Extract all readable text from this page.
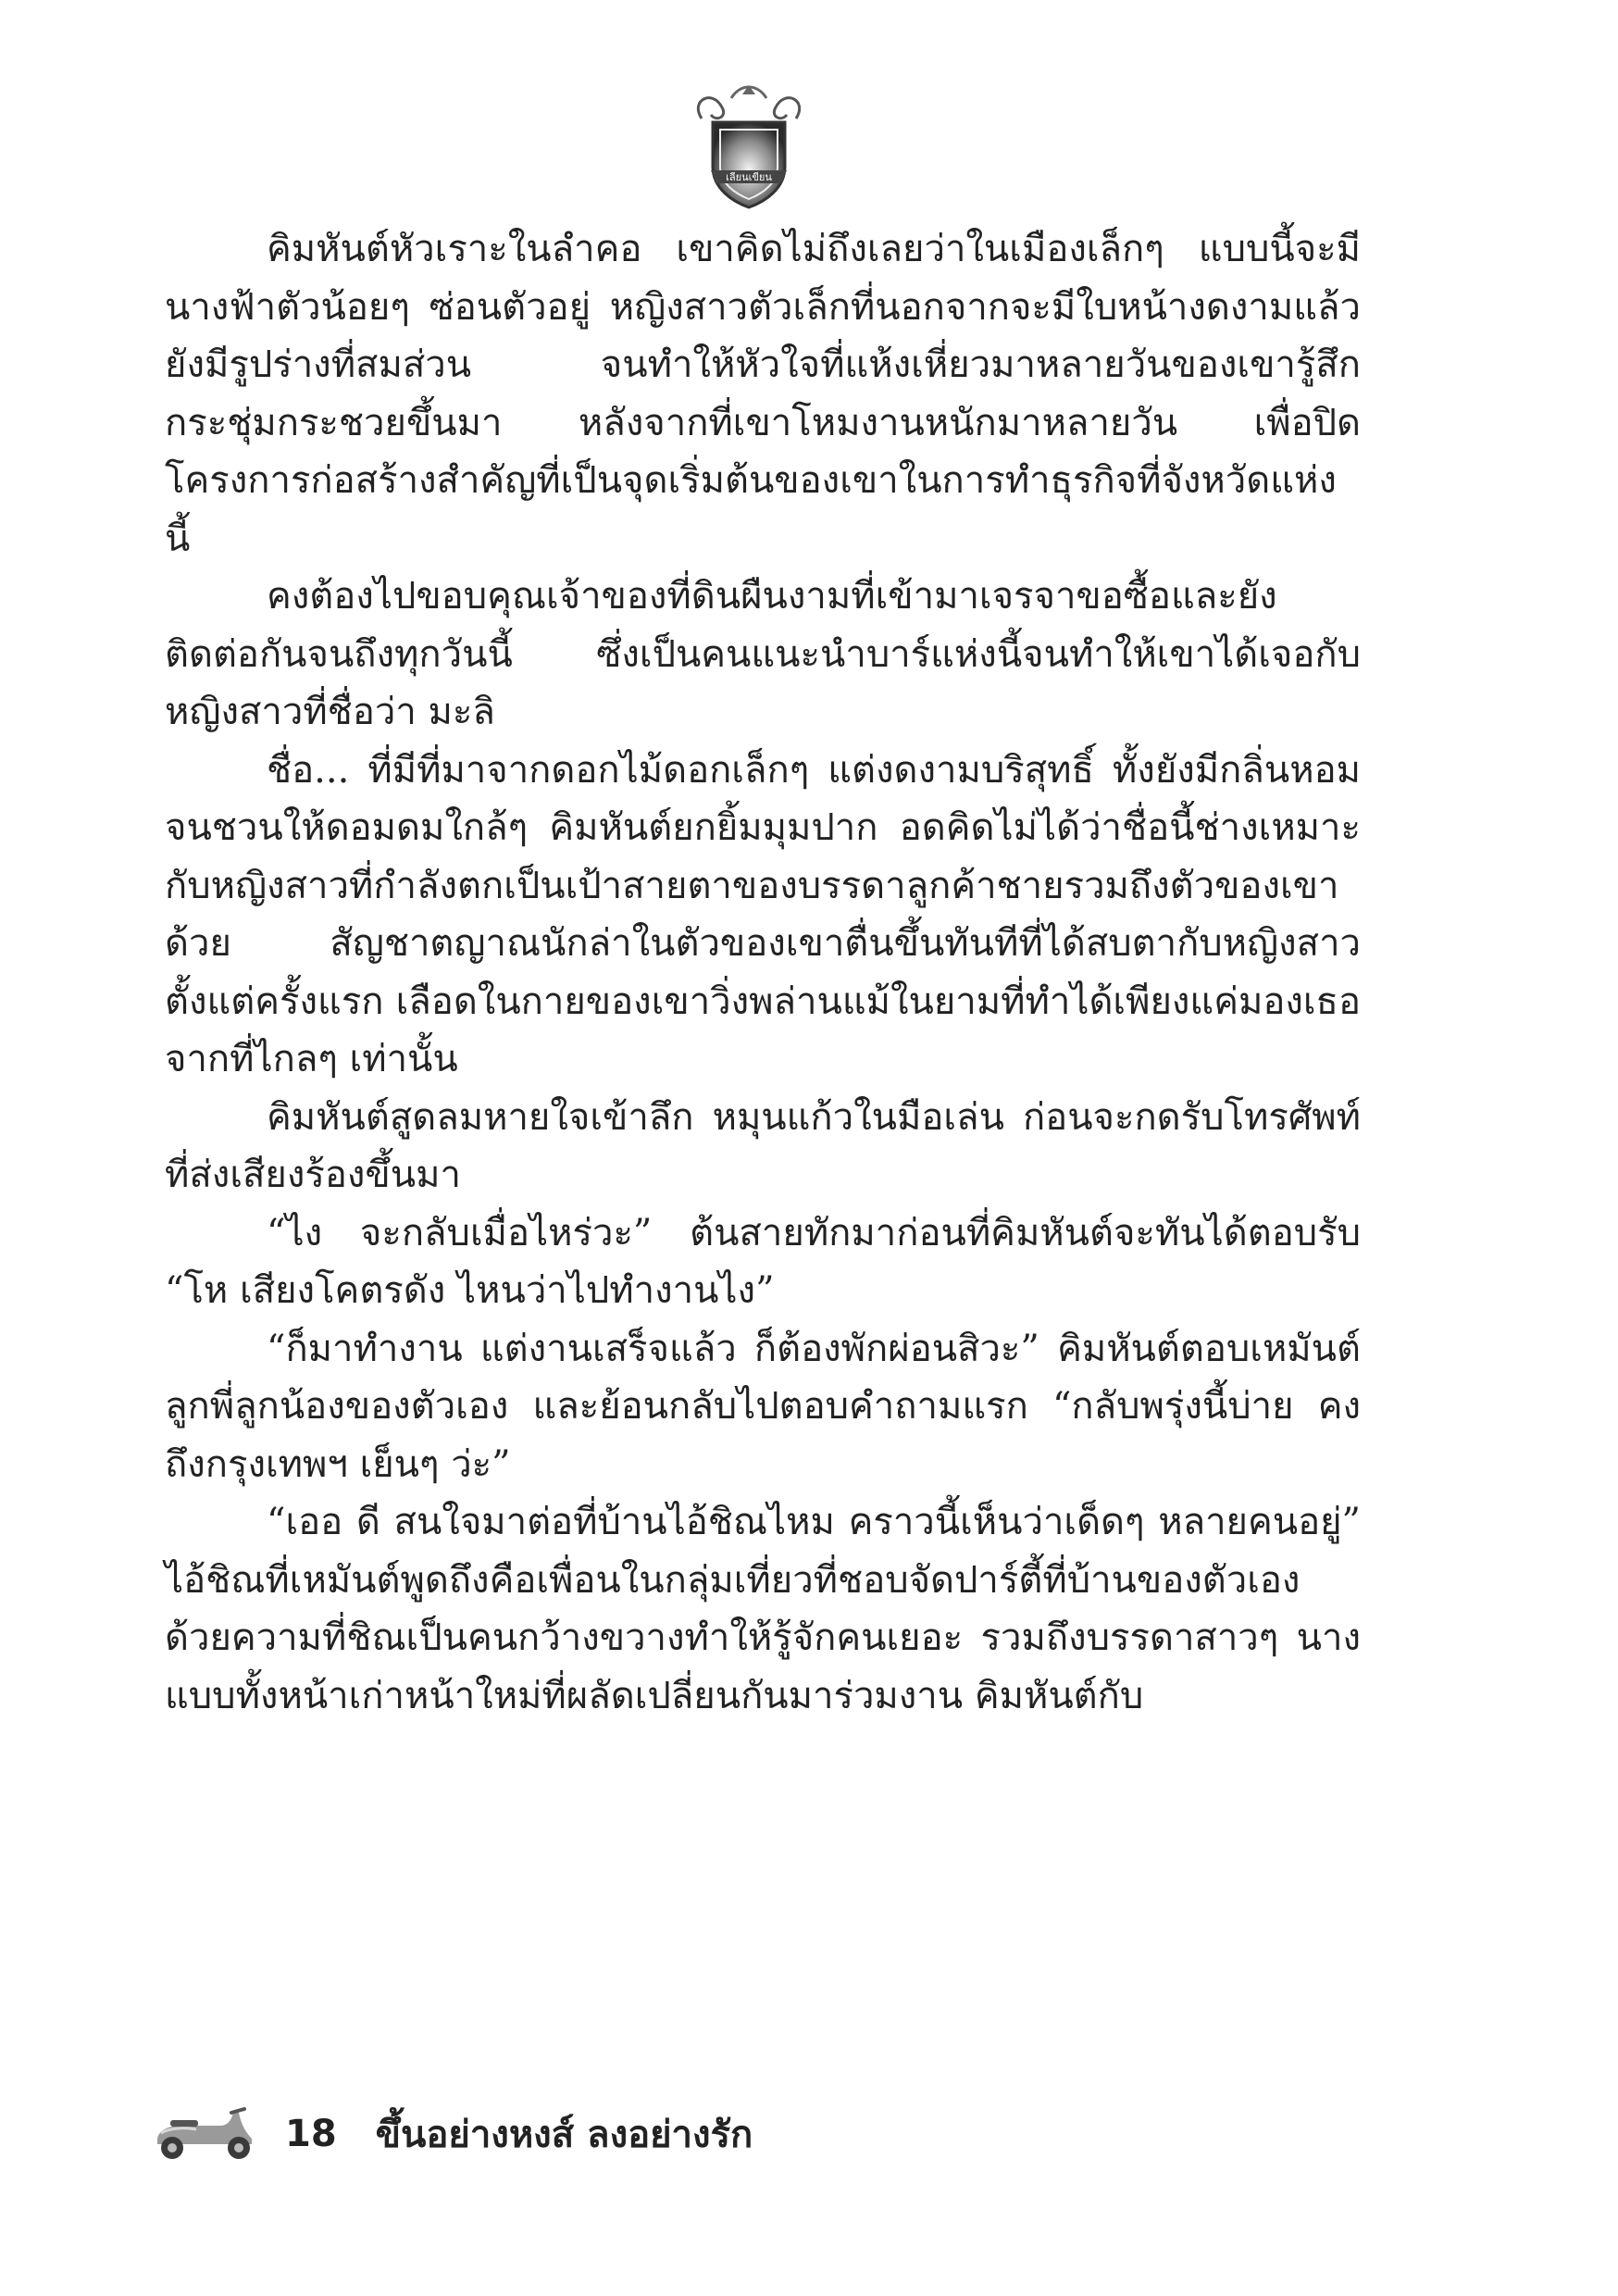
เลียนเขียน

คิมหันต์หัวเราะในลำคอ เขาคิดไม่ถึงเลยว่าในเมืองเล็กๆ แบบนี้จะมีนางฟ้าตัวน้อยๆ ซ่อนตัวอยู่ หญิงสาวตัวเล็กที่นอกจากจะมีใบหน้างดงามแล้วยังมีรูปร่างที่สมส่วน จนทำให้หัวใจที่แห้งเหี่ยวมาหลายวันของเขารู้สึกกระชุ่มกระชวยขึ้นมา หลังจากที่เขาโหมงานหนักมาหลายวัน เพื่อปิดโครงการก่อสร้างสำคัญที่เป็นจุดเริ่มต้นของเขาในการทำธุรกิจที่จังหวัดแห่งนี้

คงต้องไปขอบคุณเจ้าของที่ดินผืนงามที่เข้ามาเจรจาขอซื้อและยังติดต่อกันจนถึงทุกวันนี้ ซึ่งเป็นคนแนะนำบาร์แห่งนี้จนทำให้เขาได้เจอกับหญิงสาวที่ชื่อว่า มะลิ

ชื่อ... ที่มีที่มาจากดอกไม้ดอกเล็กๆ แต่งดงามบริสุทธิ์ ทั้งยังมีกลิ่นหอมจนชวนให้ดอมดมใกล้ๆ คิมหันต์ยกยิ้มมุมปาก อดคิดไม่ได้ว่าชื่อนี้ช่างเหมาะกับหญิงสาวที่กำลังตกเป็นเป้าสายตาของบรรดาลูกค้าชายรวมถึงตัวของเขาด้วย สัญชาตญาณนักล่าในตัวของเขาตื่นขึ้นทันทีที่ได้สบตากับหญิงสาวตั้งแต่ครั้งแรก เลือดในกายของเขาวิ่งพล่านแม้ในยามที่ทำได้เพียงแค่มองเธอจากที่ไกลๆ เท่านั้น

คิมหันต์สูดลมหายใจเข้าลึก หมุนแก้วในมือเล่น ก่อนจะกดรับโทรศัพท์ที่ส่งเสียงร้องขึ้นมา

“ไง จะกลับเมื่อไหร่วะ” ต้นสายทักมาก่อนที่คิมหันต์จะทันได้ตอบรับ “โห เสียงโคตรดัง ไหนว่าไปทำงานไง”

“ก็มาทำงาน แต่งานเสร็จแล้ว ก็ต้องพักผ่อนสิวะ” คิมหันต์ตอบเหมันต์ลูกพี่ลูกน้องของตัวเอง และย้อนกลับไปตอบคำถามแรก “กลับพรุ่งนี้บ่าย คงถึงกรุงเทพฯ เย็นๆ ว่ะ”

“เออ ดี สนใจมาต่อที่บ้านไอ้ชิณไหม คราวนี้เห็นว่าเด็ดๆ หลายคนอยู่” ไอ้ชิณที่เหมันต์พูดถึงคือเพื่อนในกลุ่มเที่ยวที่ชอบจัดปาร์ตี้ที่บ้านของตัวเอง ด้วยความที่ชิณเป็นคนกว้างขวางทำให้รู้จักคนเยอะ รวมถึงบรรดาสาวๆ นางแบบทั้งหน้าเก่าหน้าใหม่ที่ผลัดเปลี่ยนกันมาร่วมงาน คิมหันต์กับ

18 ขึ้นอย่างหงส์ ลงอย่างรัก
